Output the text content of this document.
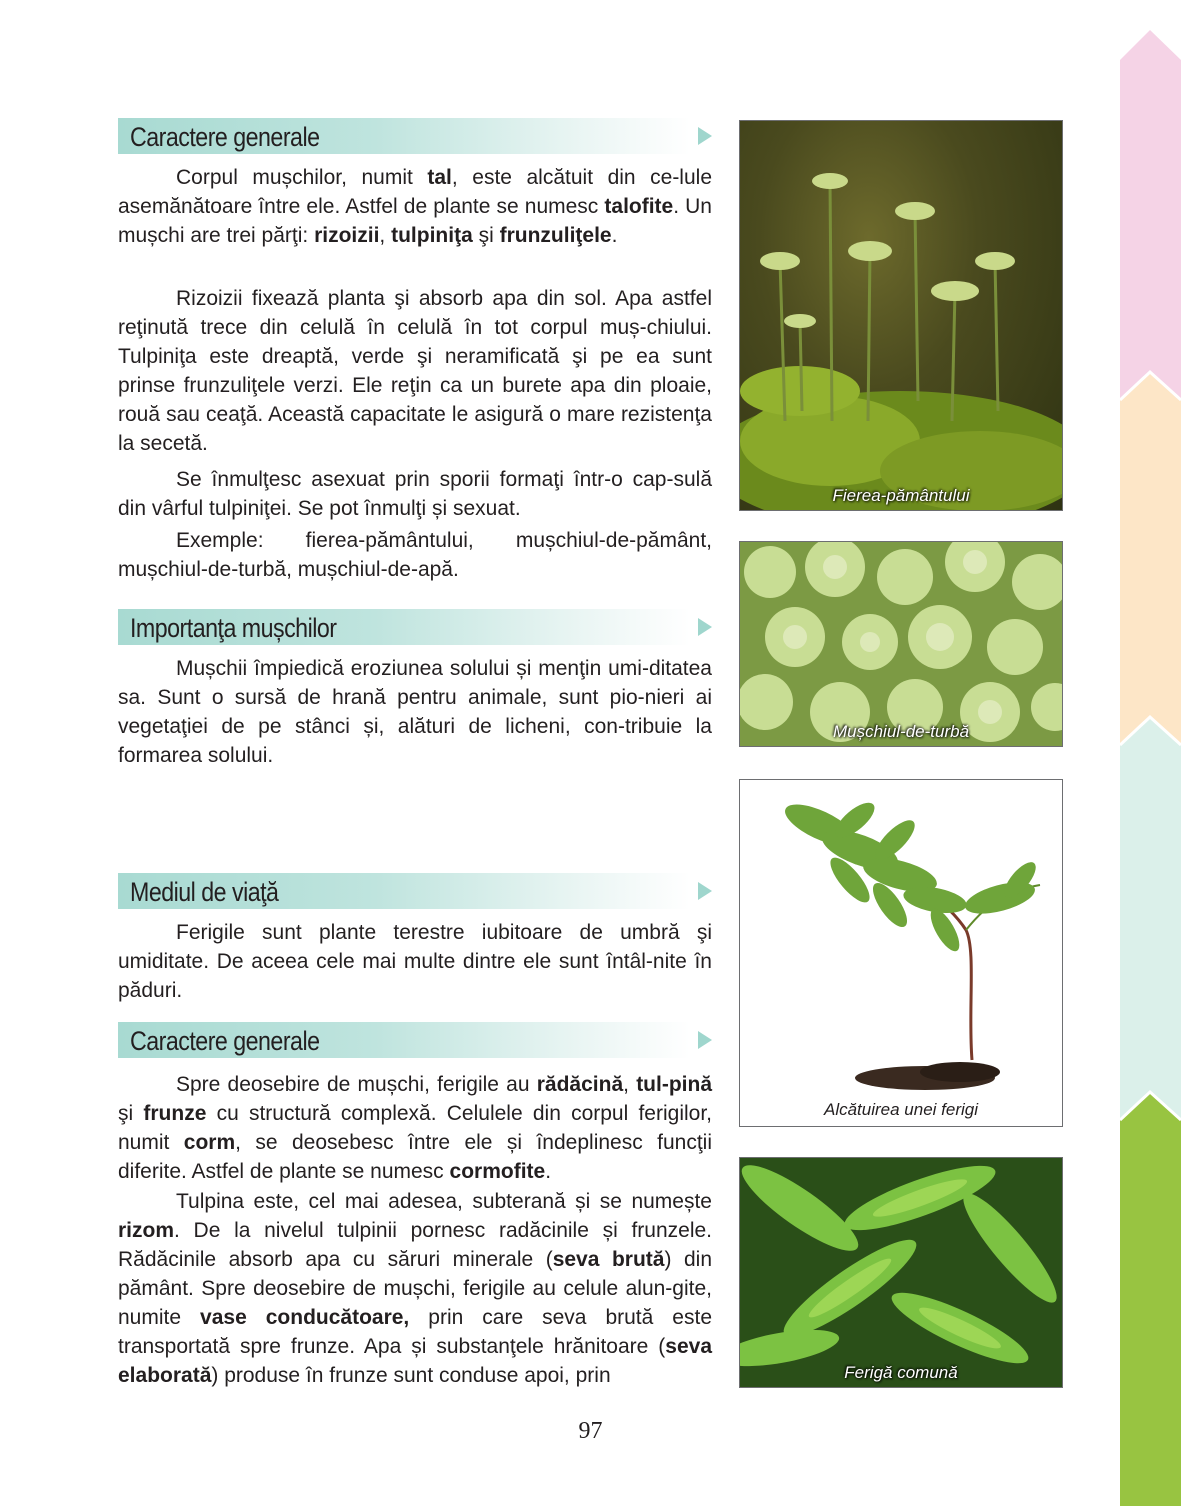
Caractere generale

Corpul mușchilor, numit tal, este alcătuit din ce-lule asemănătoare între ele. Astfel de plante se numesc talofite. Un mușchi are trei părţi: rizoizii, tulpiniţa şi frunzuliţele.

Rizoizii fixează planta şi absorb apa din sol. Apa astfel reţinută trece din celulă în celulă în tot corpul muș-chiului. Tulpiniţa este dreaptă, verde şi neramificată şi pe ea sunt prinse frunzuliţele verzi. Ele reţin ca un burete apa din ploaie, rouă sau ceaţă. Această capacitate le asigură o mare rezistenţa la secetă.

Se înmulţesc asexuat prin sporii formaţi într-o cap-sulă din vârful tulpiniţei. Se pot înmulţi și sexuat.

Exemple: fierea-pământului, mușchiul-de-pământ, mușchiul-de-turbă, mușchiul-de-apă.

Importanţa mușchilor

Mușchii împiedică eroziunea solului și menţin umi-ditatea sa. Sunt o sursă de hrană pentru animale, sunt pio-nieri ai vegetaţiei de pe stânci și, alături de licheni, con-tribuie la formarea solului.

Mediul de viaţă

Ferigile sunt plante terestre iubitoare de umbră şi umiditate. De aceea cele mai multe dintre ele sunt întâl-nite în păduri.

Caractere generale

Spre deosebire de mușchi, ferigile au rădăcină, tul-pină şi frunze cu structură complexă. Celulele din corpul ferigilor, numit corm, se deosebesc între ele și îndeplinesc funcţii diferite. Astfel de plante se numesc cormofite.

Tulpina este, cel mai adesea, subterană și se numește rizom. De la nivelul tulpinii pornesc radăcinile și frunzele. Rădăcinile absorb apa cu săruri minerale (seva brută) din pământ. Spre deosebire de mușchi, ferigile au celule alun-gite, numite vase conducătoare, prin care seva brută este transportată spre frunze. Apa și substanţele hrănitoare (seva elaborată) produse în frunze sunt conduse apoi, prin

Fierea-pământului
Mușchiul-de-turbă
Alcătuirea unei ferigi
Ferigă comună
97
